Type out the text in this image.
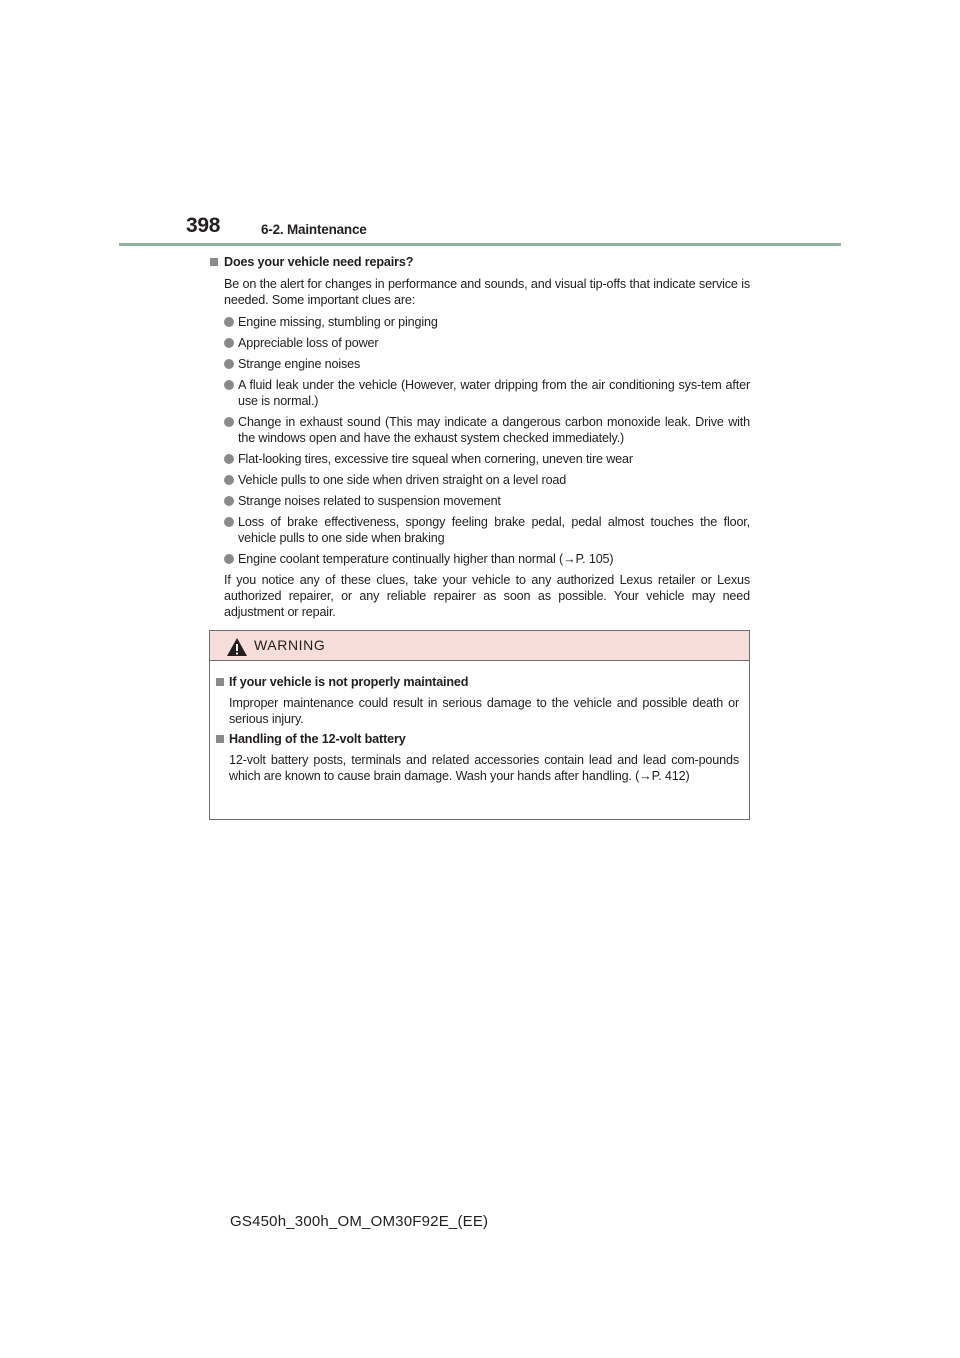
398	6-2. Maintenance
Does your vehicle need repairs?
Be on the alert for changes in performance and sounds, and visual tip-offs that indicate service is needed. Some important clues are:
Engine missing, stumbling or pinging
Appreciable loss of power
Strange engine noises
A fluid leak under the vehicle (However, water dripping from the air conditioning sys-tem after use is normal.)
Change in exhaust sound (This may indicate a dangerous carbon monoxide leak. Drive with the windows open and have the exhaust system checked immediately.)
Flat-looking tires, excessive tire squeal when cornering, uneven tire wear
Vehicle pulls to one side when driven straight on a level road
Strange noises related to suspension movement
Loss of brake effectiveness, spongy feeling brake pedal, pedal almost touches the floor, vehicle pulls to one side when braking
Engine coolant temperature continually higher than normal (→P. 105)
If you notice any of these clues, take your vehicle to any authorized Lexus retailer or Lexus authorized repairer, or any reliable repairer as soon as possible. Your vehicle may need adjustment or repair.
WARNING
If your vehicle is not properly maintained
Improper maintenance could result in serious damage to the vehicle and possible death or serious injury.
Handling of the 12-volt battery
12-volt battery posts, terminals and related accessories contain lead and lead com-pounds which are known to cause brain damage. Wash your hands after handling. (→P. 412)
GS450h_300h_OM_OM30F92E_(EE)
